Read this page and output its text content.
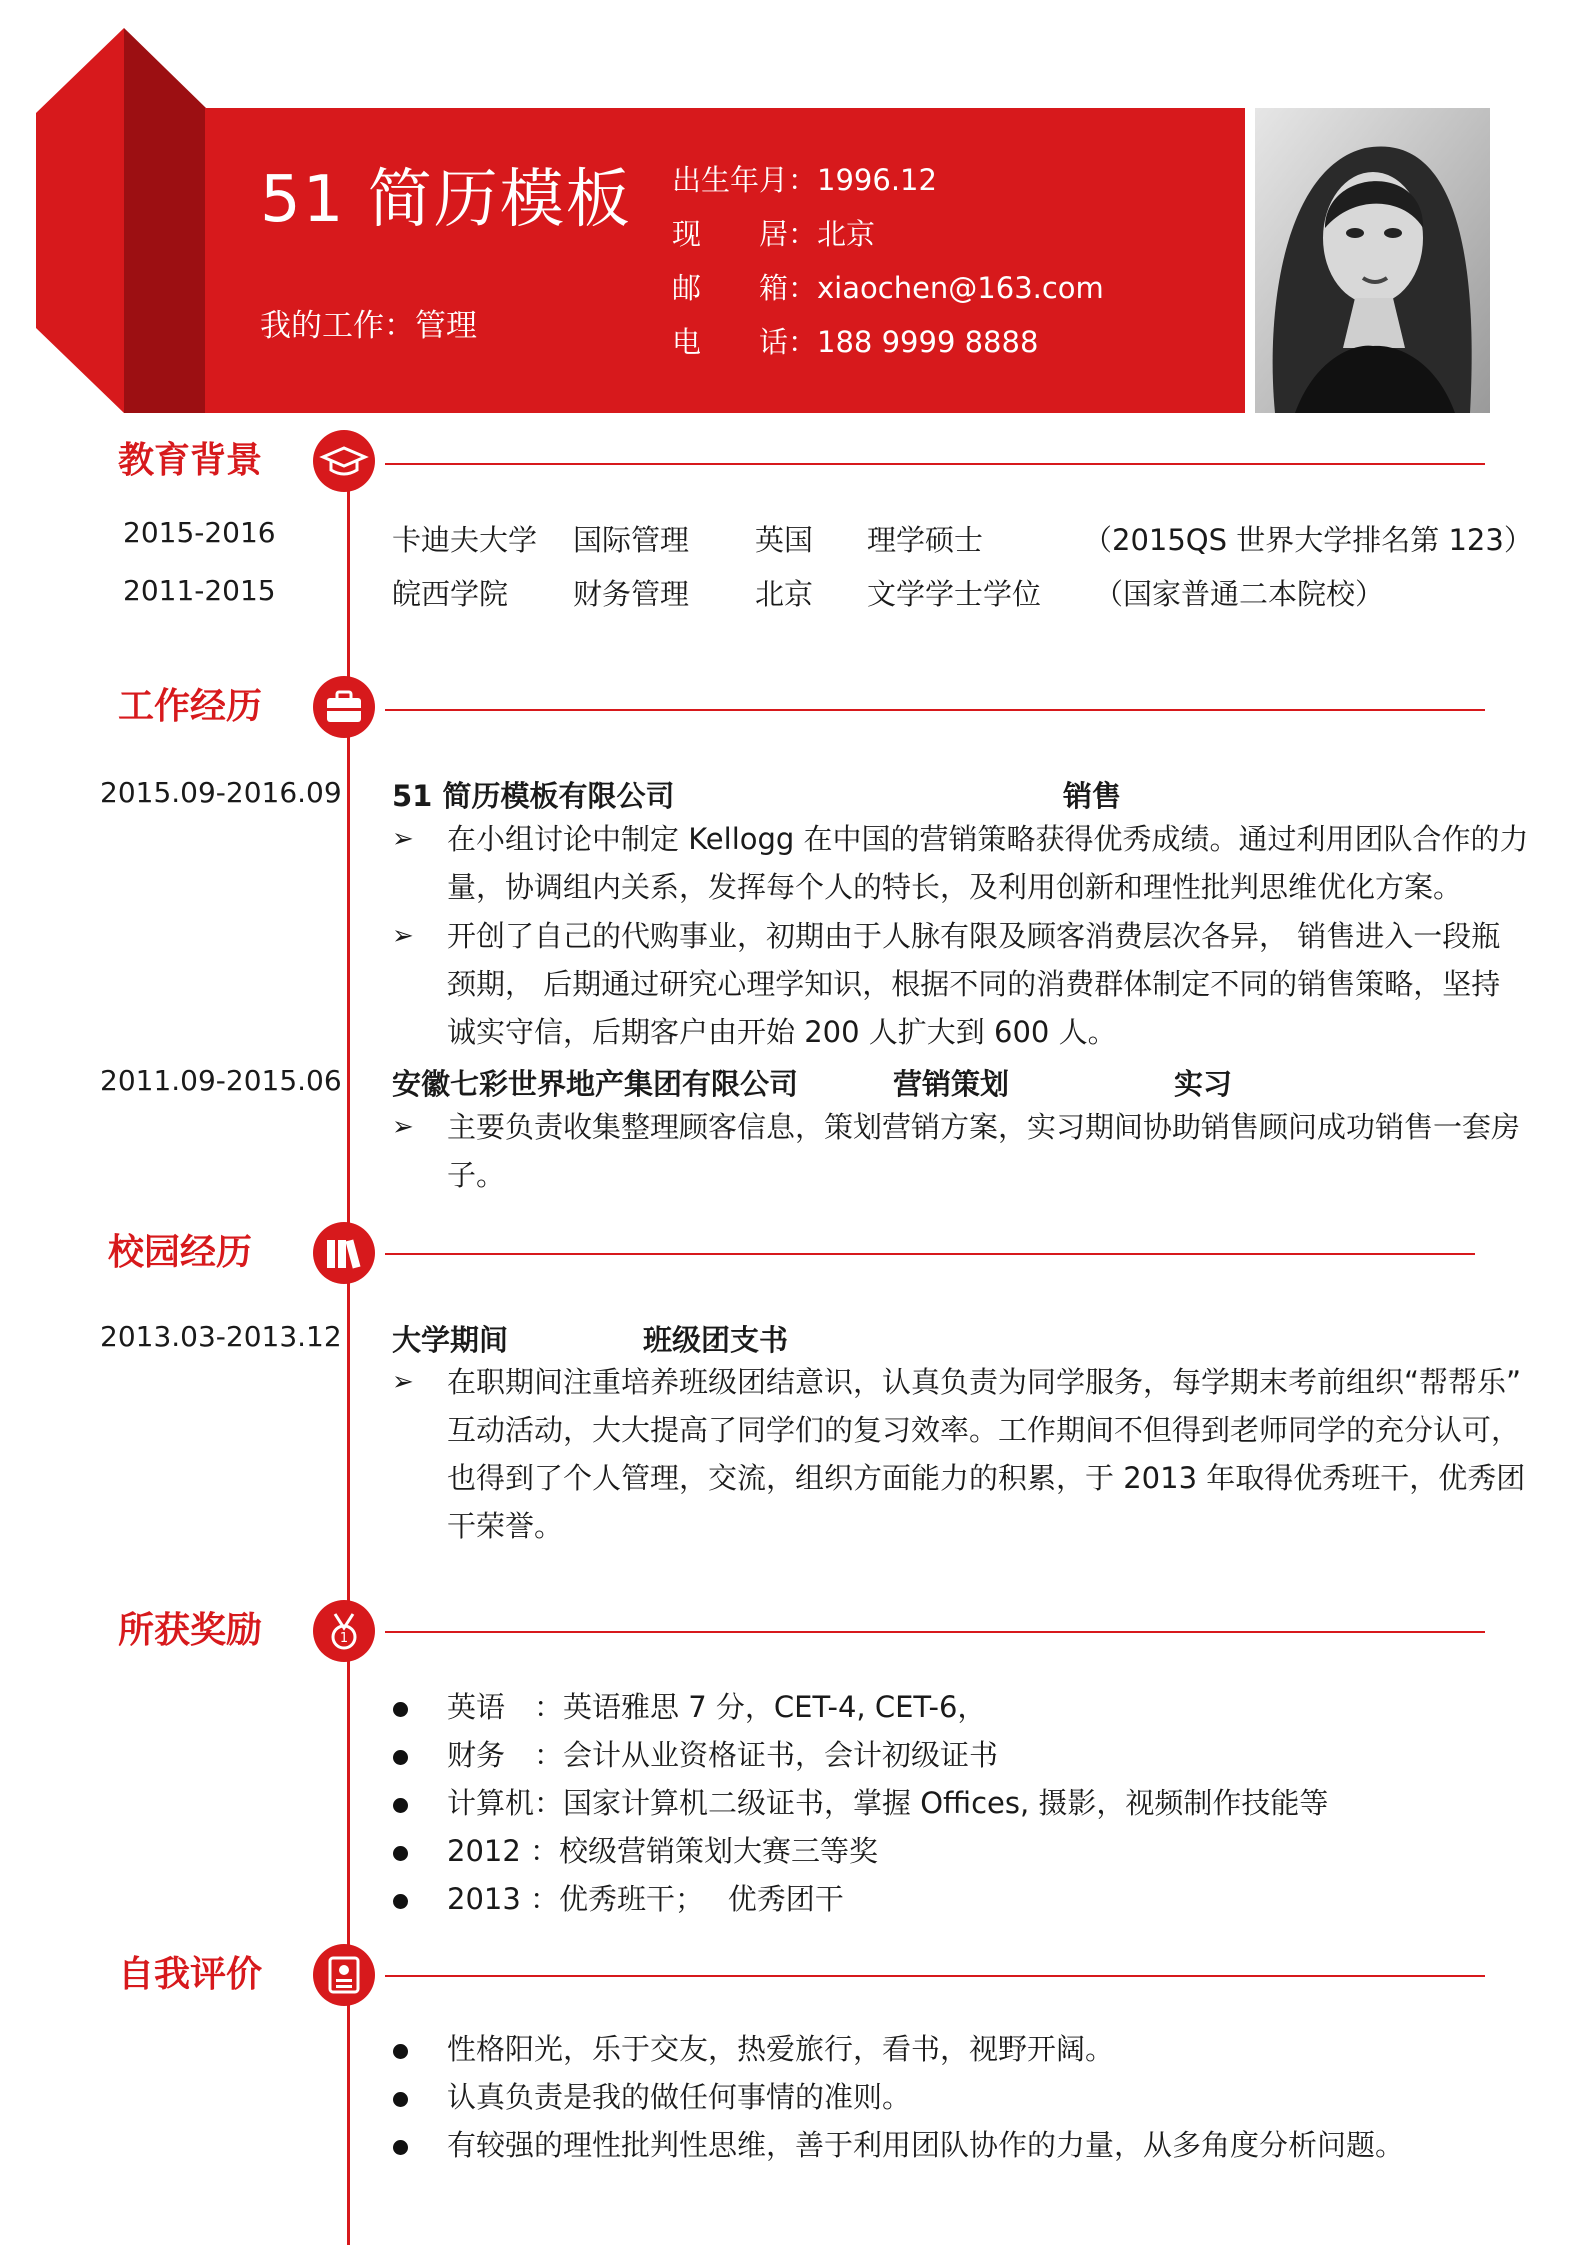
51 简历模板
我的工作：管理
出生年月：1996.12
现　　居：北京
邮　　箱：xiaochen@163.com
电　　话：188 9999 8888
教育背景
2015-2016	卡迪夫大学 国际管理 英国 理学硕士	（2015QS 世界大学排名第 123）
2011-2015	皖西学院 财务管理 北京 文学学士学位 （国家普通二本院校）
工作经历
2015.09-2016.09 51 简历模板有限公司	销售
➢ 在小组讨论中制定 Kellogg 在中国的营销策略获得优秀成绩。通过利用团队合作的力
量，协调组内关系，发挥每个人的特长，及利用创新和理性批判思维优化方案。
➢ 开创了自己的代购事业，初期由于人脉有限及顾客消费层次各异， 销售进入一段瓶
颈期， 后期通过研究心理学知识，根据不同的消费群体制定不同的销售策略，坚持
诚实守信，后期客户由开始 200 人扩大到 600 人。
2011.09-2015.06 安徽七彩世界地产集团有限公司	营销策划	实习
➢ 主要负责收集整理顾客信息，策划营销方案，实习期间协助销售顾问成功销售一套房
子。
校园经历
2013.03-2013.12 大学期间	班级团支书
➢ 在职期间注重培养班级团结意识，认真负责为同学服务，每学期末考前组织“帮帮乐”
互动活动，大大提高了同学们的复习效率。工作期间不但得到老师同学的充分认可，
也得到了个人管理，交流，组织方面能力的积累，于 2013 年取得优秀班干，优秀团
干荣誉。
所获奖励	1
英语　：英语雅思 7 分，CET-4, CET-6，
财务　：会计从业资格证书，会计初级证书
计算机：国家计算机二级证书，掌握 Offices, 摄影，视频制作技能等
2012 ：校级营销策划大赛三等奖
2013 ：优秀班干；　 优秀团干
自我评价
性格阳光，乐于交友，热爱旅行，看书，视野开阔。
认真负责是我的做任何事情的准则。
有较强的理性批判性思维，善于利用团队协作的力量，从多角度分析问题。
